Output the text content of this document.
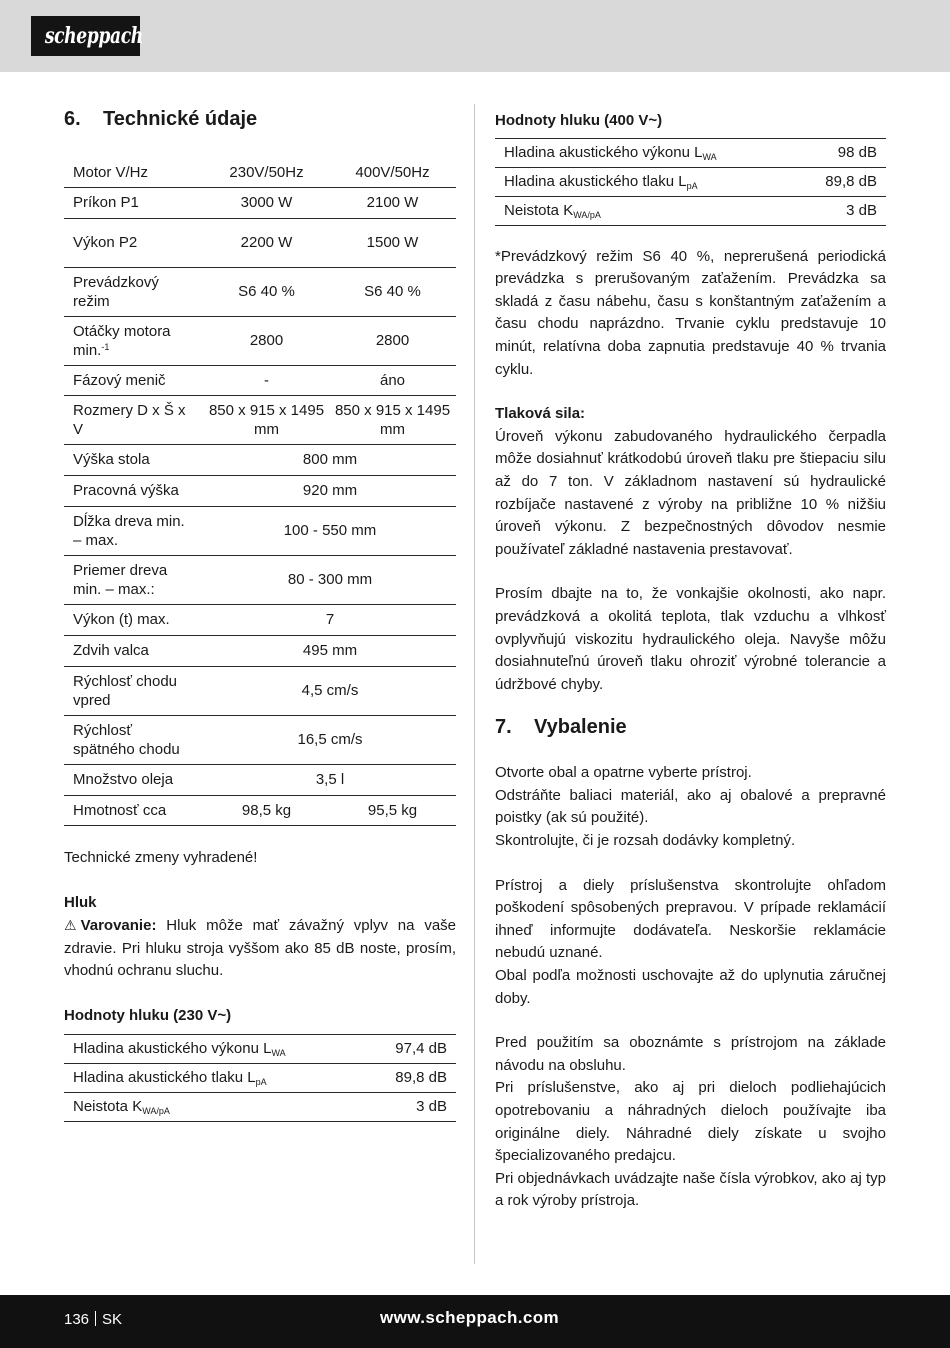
scheppach
6. Technické údaje
Motor V/Hz	230V/50Hz	400V/50Hz
Príkon P1	3000 W	2100 W
Výkon P2	2200 W	1500 W
Prevádzkový režim	S6 40 %	S6 40 %
Otáčky motora min.$^{-1}$	2800	2800
Fázový menič	-	áno
Rozmery D x Š x V	850 x 915 x 1495 mm	850 x 915 x 1495 mm
Výška stola	800 mm	
Pracovná výška	920 mm	
Dĺžka dreva min. – max.	100 - 550 mm	
Priemer dreva min. – max.:	80 - 300 mm	
Výkon (t) max.	7	
Zdvih valca	495 mm	
Rýchlosť chodu vpred	4,5 cm/s	
Rýchlosť spätného chodu	16,5 cm/s	
Množstvo oleja	3,5 l	
Hmotnosť cca	98,5 kg	95,5 kg

Technické zmeny vyhradené!

Hluk

⚠ Varovanie: Hluk môže mať závažný vplyv na vaše zdravie. Pri hluku stroja vyššom ako 85 dB noste, prosím, vhodnú ochranu sluchu.

Hodnoty hluku (230 V~)

Hladina akustického výkonu $L_{WA}$	97,4 dB
Hladina akustického tlaku $L_{pA}$	89,8 dB
Neistota $K_{WA/pA}$	3 dB

Hodnoty hluku (400 V~)

Hladina akustického výkonu $L_{WA}$	98 dB
Hladina akustického tlaku $L_{pA}$	89,8 dB
Neistota $K_{WA/pA}$	3 dB

*Prevádzkový režim S6 40 %, neprerušená periodická prevádzka s prerušovaným zaťažením. Prevádzka sa skladá z času nábehu, času s konštantným zaťažením a času chodu naprázdno. Trvanie cyklu predstavuje 10 minút, relatívna doba zapnutia predstavuje 40 % trvania cyklu.

Tlaková sila:

Úroveň výkonu zabudovaného hydraulického čerpadla môže dosiahnuť krátkodobú úroveň tlaku pre štiepaciu silu až do 7 ton. V základnom nastavení sú hydraulické rozbíjače nastavené z výroby na približne 10 % nižšiu úroveň výkonu. Z bezpečnostných dôvodov nesmie používateľ základné nastavenia prestavovať.

Prosím dbajte na to, že vonkajšie okolnosti, ako napr. prevádzková a okolitá teplota, tlak vzduchu a vlhkosť ovplyvňujú viskozitu hydraulického oleja. Navyše môžu dosiahnuteľnú úroveň tlaku ohroziť výrobné tolerancie a údržbové chyby.

7. Vybalenie

Otvorte obal a opatrne vyberte prístroj.

Odstráňte baliaci materiál, ako aj obalové a prepravné poistky (ak sú použité).

Skontrolujte, či je rozsah dodávky kompletný.

Prístroj a diely príslušenstva skontrolujte ohľadom poškodení spôsobených prepravou. V prípade reklamácií ihneď informujte dodávateľa. Neskoršie reklamácie nebudú uznané.

Obal podľa možnosti uschovajte až do uplynutia záručnej doby.

Pred použitím sa oboznámte s prístrojom na základe návodu na obsluhu.

Pri príslušenstve, ako aj pri dieloch podliehajúcich opotrebovaniu a náhradných dieloch používajte iba originálne diely. Náhradné diely získate u svojho špecializovaného predajcu.

Pri objednávkach uvádzajte naše čísla výrobkov, ako aj typ a rok výroby prístroja.

136 SK	www.scheppach.com
